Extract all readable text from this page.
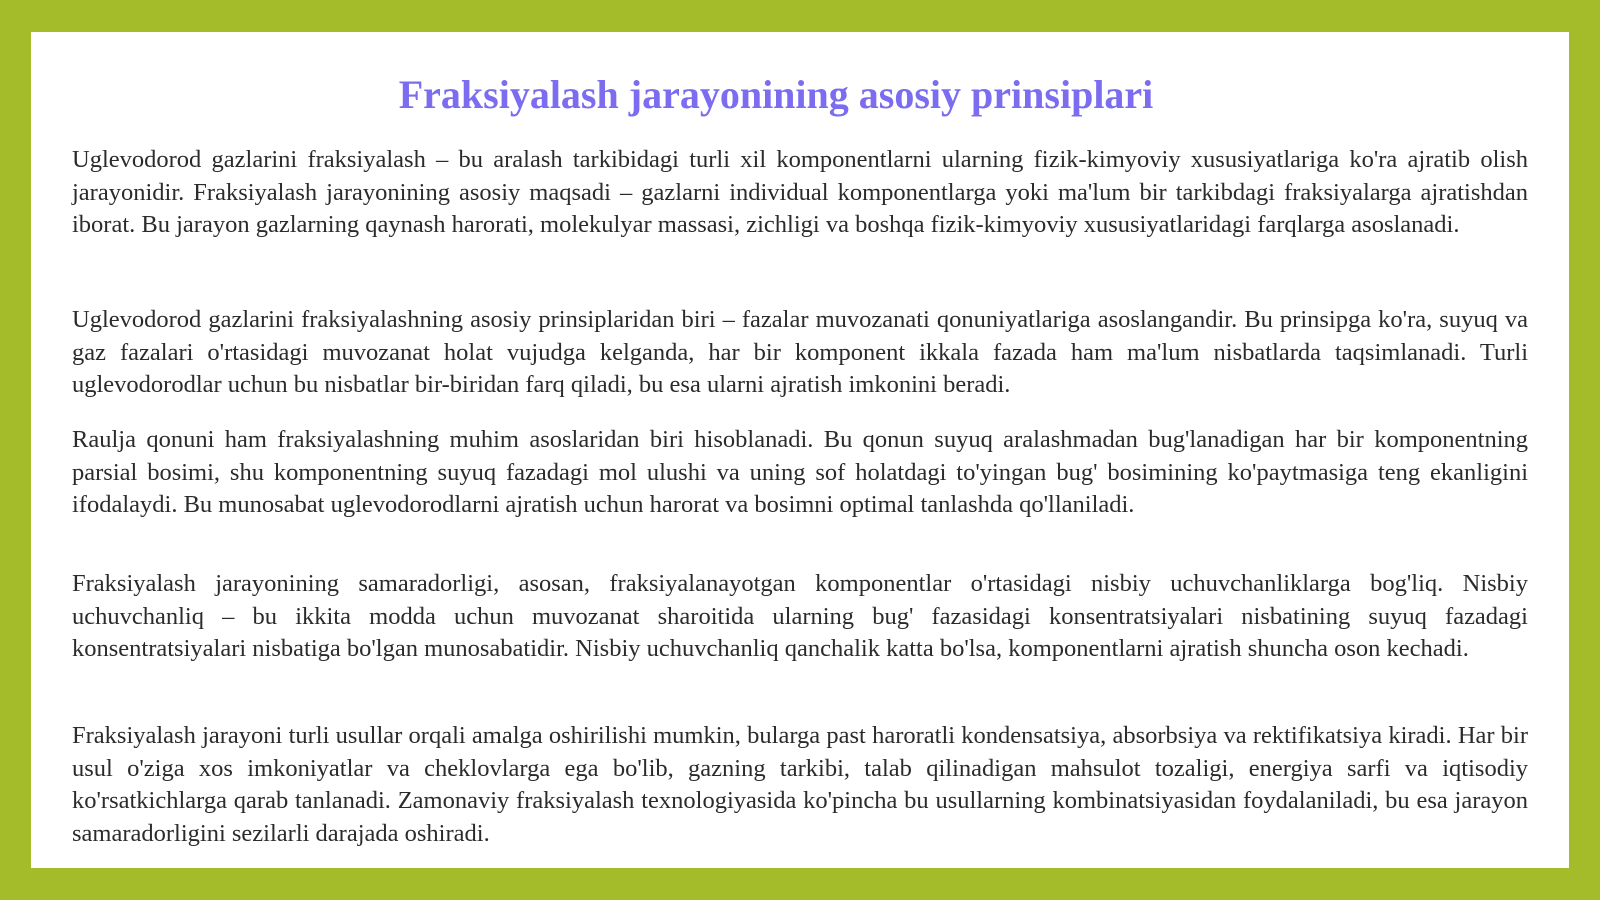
Fraksiyalash jarayonining asosiy prinsiplari

Uglevodorod gazlarini fraksiyalash – bu aralash tarkibidagi turli xil komponentlarni ularning fizik-kimyoviy xususiyatlariga ko'ra ajratib olish jarayonidir. Fraksiyalash jarayonining asosiy maqsadi – gazlarni individual komponentlarga yoki ma'lum bir tarkibdagi fraksiyalarga ajratishdan iborat. Bu jarayon gazlarning qaynash harorati, molekulyar massasi, zichligi va boshqa fizik-kimyoviy xususiyatlaridagi farqlarga asoslanadi.

Uglevodorod gazlarini fraksiyalashning asosiy prinsiplaridan biri – fazalar muvozanati qonuniyatlariga asoslangandir. Bu prinsipga ko'ra, suyuq va gaz fazalari o'rtasidagi muvozanat holat vujudga kelganda, har bir komponent ikkala fazada ham ma'lum nisbatlarda taqsimlanadi. Turli uglevodorodlar uchun bu nisbatlar bir-biridan farq qiladi, bu esa ularni ajratish imkonini beradi.

Raulja qonuni ham fraksiyalashning muhim asoslaridan biri hisoblanadi. Bu qonun suyuq aralashmadan bug'lanadigan har bir komponentning parsial bosimi, shu komponentning suyuq fazadagi mol ulushi va uning sof holatdagi to'yingan bug' bosimining ko'paytmasiga teng ekanligini ifodalaydi. Bu munosabat uglevodorodlarni ajratish uchun harorat va bosimni optimal tanlashda qo'llaniladi.

Fraksiyalash jarayonining samaradorligi, asosan, fraksiyalanayotgan komponentlar o'rtasidagi nisbiy uchuvchanliklarga bog'liq. Nisbiy uchuvchanliq – bu ikkita modda uchun muvozanat sharoitida ularning bug' fazasidagi konsentratsiyalari nisbatining suyuq fazadagi konsentratsiyalari nisbatiga bo'lgan munosabatidir. Nisbiy uchuvchanliq qanchalik katta bo'lsa, komponentlarni ajratish shuncha oson kechadi.

Fraksiyalash jarayoni turli usullar orqali amalga oshirilishi mumkin, bularga past haroratli kondensatsiya, absorbsiya va rektifikatsiya kiradi. Har bir usul o'ziga xos imkoniyatlar va cheklovlarga ega bo'lib, gazning tarkibi, talab qilinadigan mahsulot tozaligi, energiya sarfi va iqtisodiy ko'rsatkichlarga qarab tanlanadi. Zamonaviy fraksiyalash texnologiyasida ko'pincha bu usullarning kombinatsiyasidan foydalaniladi, bu esa jarayon samaradorligini sezilarli darajada oshiradi.
